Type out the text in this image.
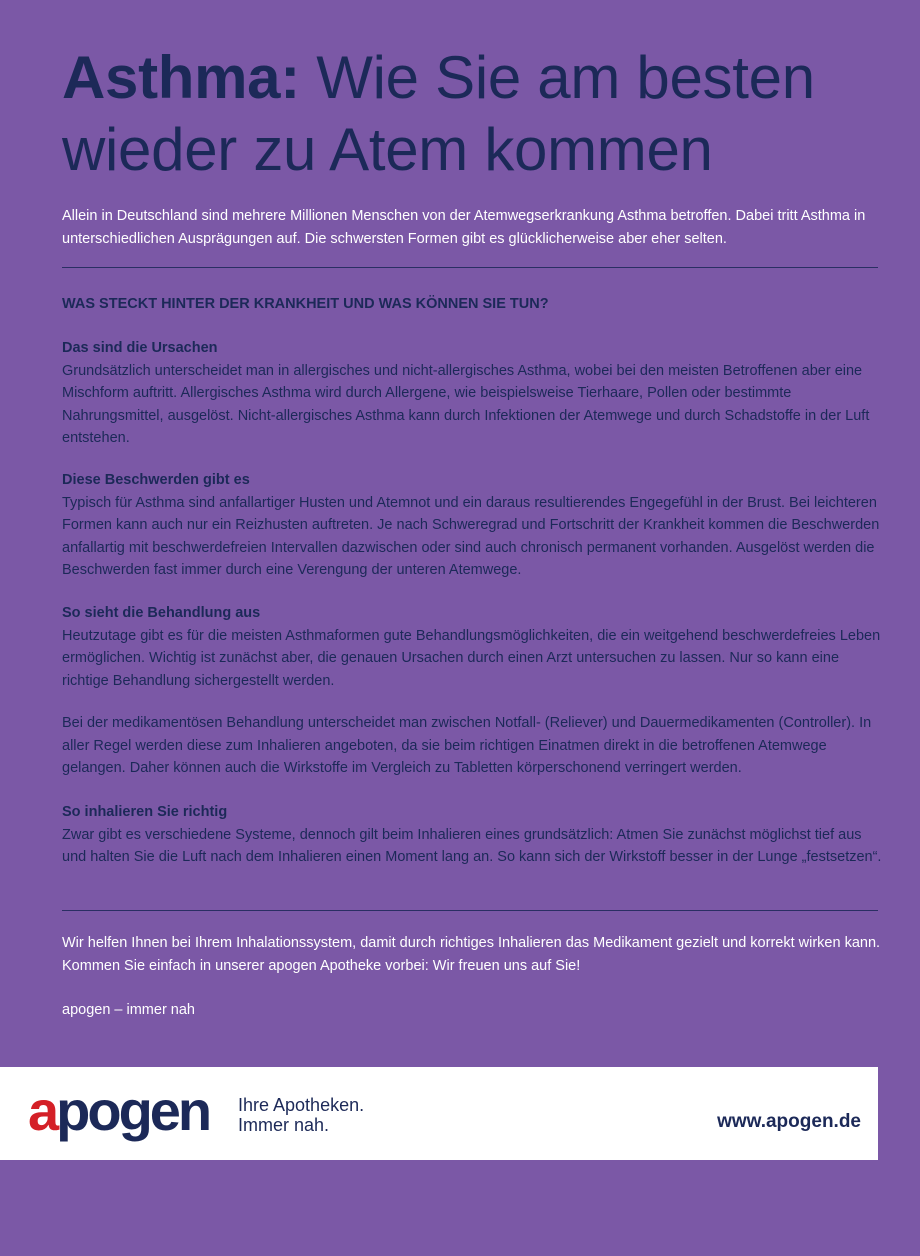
Asthma: Wie Sie am besten wieder zu Atem kommen

Allein in Deutschland sind mehrere Millionen Menschen von der Atemwegserkrankung Asthma betroffen. Dabei tritt Asthma in unterschiedlichen Ausprägungen auf. Die schwersten Formen gibt es glücklicherweise aber eher selten.

WAS STECKT HINTER DER KRANKHEIT UND WAS KÖNNEN SIE TUN?
Das sind die Ursachen

Grundsätzlich unterscheidet man in allergisches und nicht-allergisches Asthma, wobei bei den meisten Betroffenen aber eine Mischform auftritt. Allergisches Asthma wird durch Allergene, wie beispielsweise Tierhaare, Pollen oder bestimmte Nahrungsmittel, ausgelöst. Nicht-allergisches Asthma kann durch Infektionen der Atemwege und durch Schadstoffe in der Luft entstehen.

Diese Beschwerden gibt es

Typisch für Asthma sind anfallartiger Husten und Atemnot und ein daraus resultierendes Engegefühl in der Brust. Bei leichteren Formen kann auch nur ein Reizhusten auftreten. Je nach Schweregrad und Fortschritt der Krankheit kommen die Beschwerden anfallartig mit beschwerdefreien Intervallen dazwischen oder sind auch chronisch permanent vorhanden. Ausgelöst werden die Beschwerden fast immer durch eine Verengung der unteren Atemwege.

So sieht die Behandlung aus

Heutzutage gibt es für die meisten Asthmaformen gute Behandlungsmöglichkeiten, die ein weitgehend beschwerdefreies Leben ermöglichen. Wichtig ist zunächst aber, die genauen Ursachen durch einen Arzt untersuchen zu lassen. Nur so kann eine richtige Behandlung sichergestellt werden.

Bei der medikamentösen Behandlung unterscheidet man zwischen Notfall- (Reliever) und Dauermedikamenten (Controller). In aller Regel werden diese zum Inhalieren angeboten, da sie beim richtigen Einatmen direkt in die betroffenen Atemwege gelangen. Daher können auch die Wirkstoffe im Vergleich zu Tabletten körperschonend verringert werden.

So inhalieren Sie richtig

Zwar gibt es verschiedene Systeme, dennoch gilt beim Inhalieren eines grundsätzlich: Atmen Sie zunächst möglichst tief aus und halten Sie die Luft nach dem Inhalieren einen Moment lang an. So kann sich der Wirkstoff besser in der Lunge „festsetzen“.

Wir helfen Ihnen bei Ihrem Inhalationssystem, damit durch richtiges Inhalieren das Medikament gezielt und korrekt wirken kann. Kommen Sie einfach in unserer apogen Apotheke vorbei: Wir freuen uns auf Sie!

apogen – immer nah

apogen Ihre Apotheken.
Immer nah.	www.apogen.de
